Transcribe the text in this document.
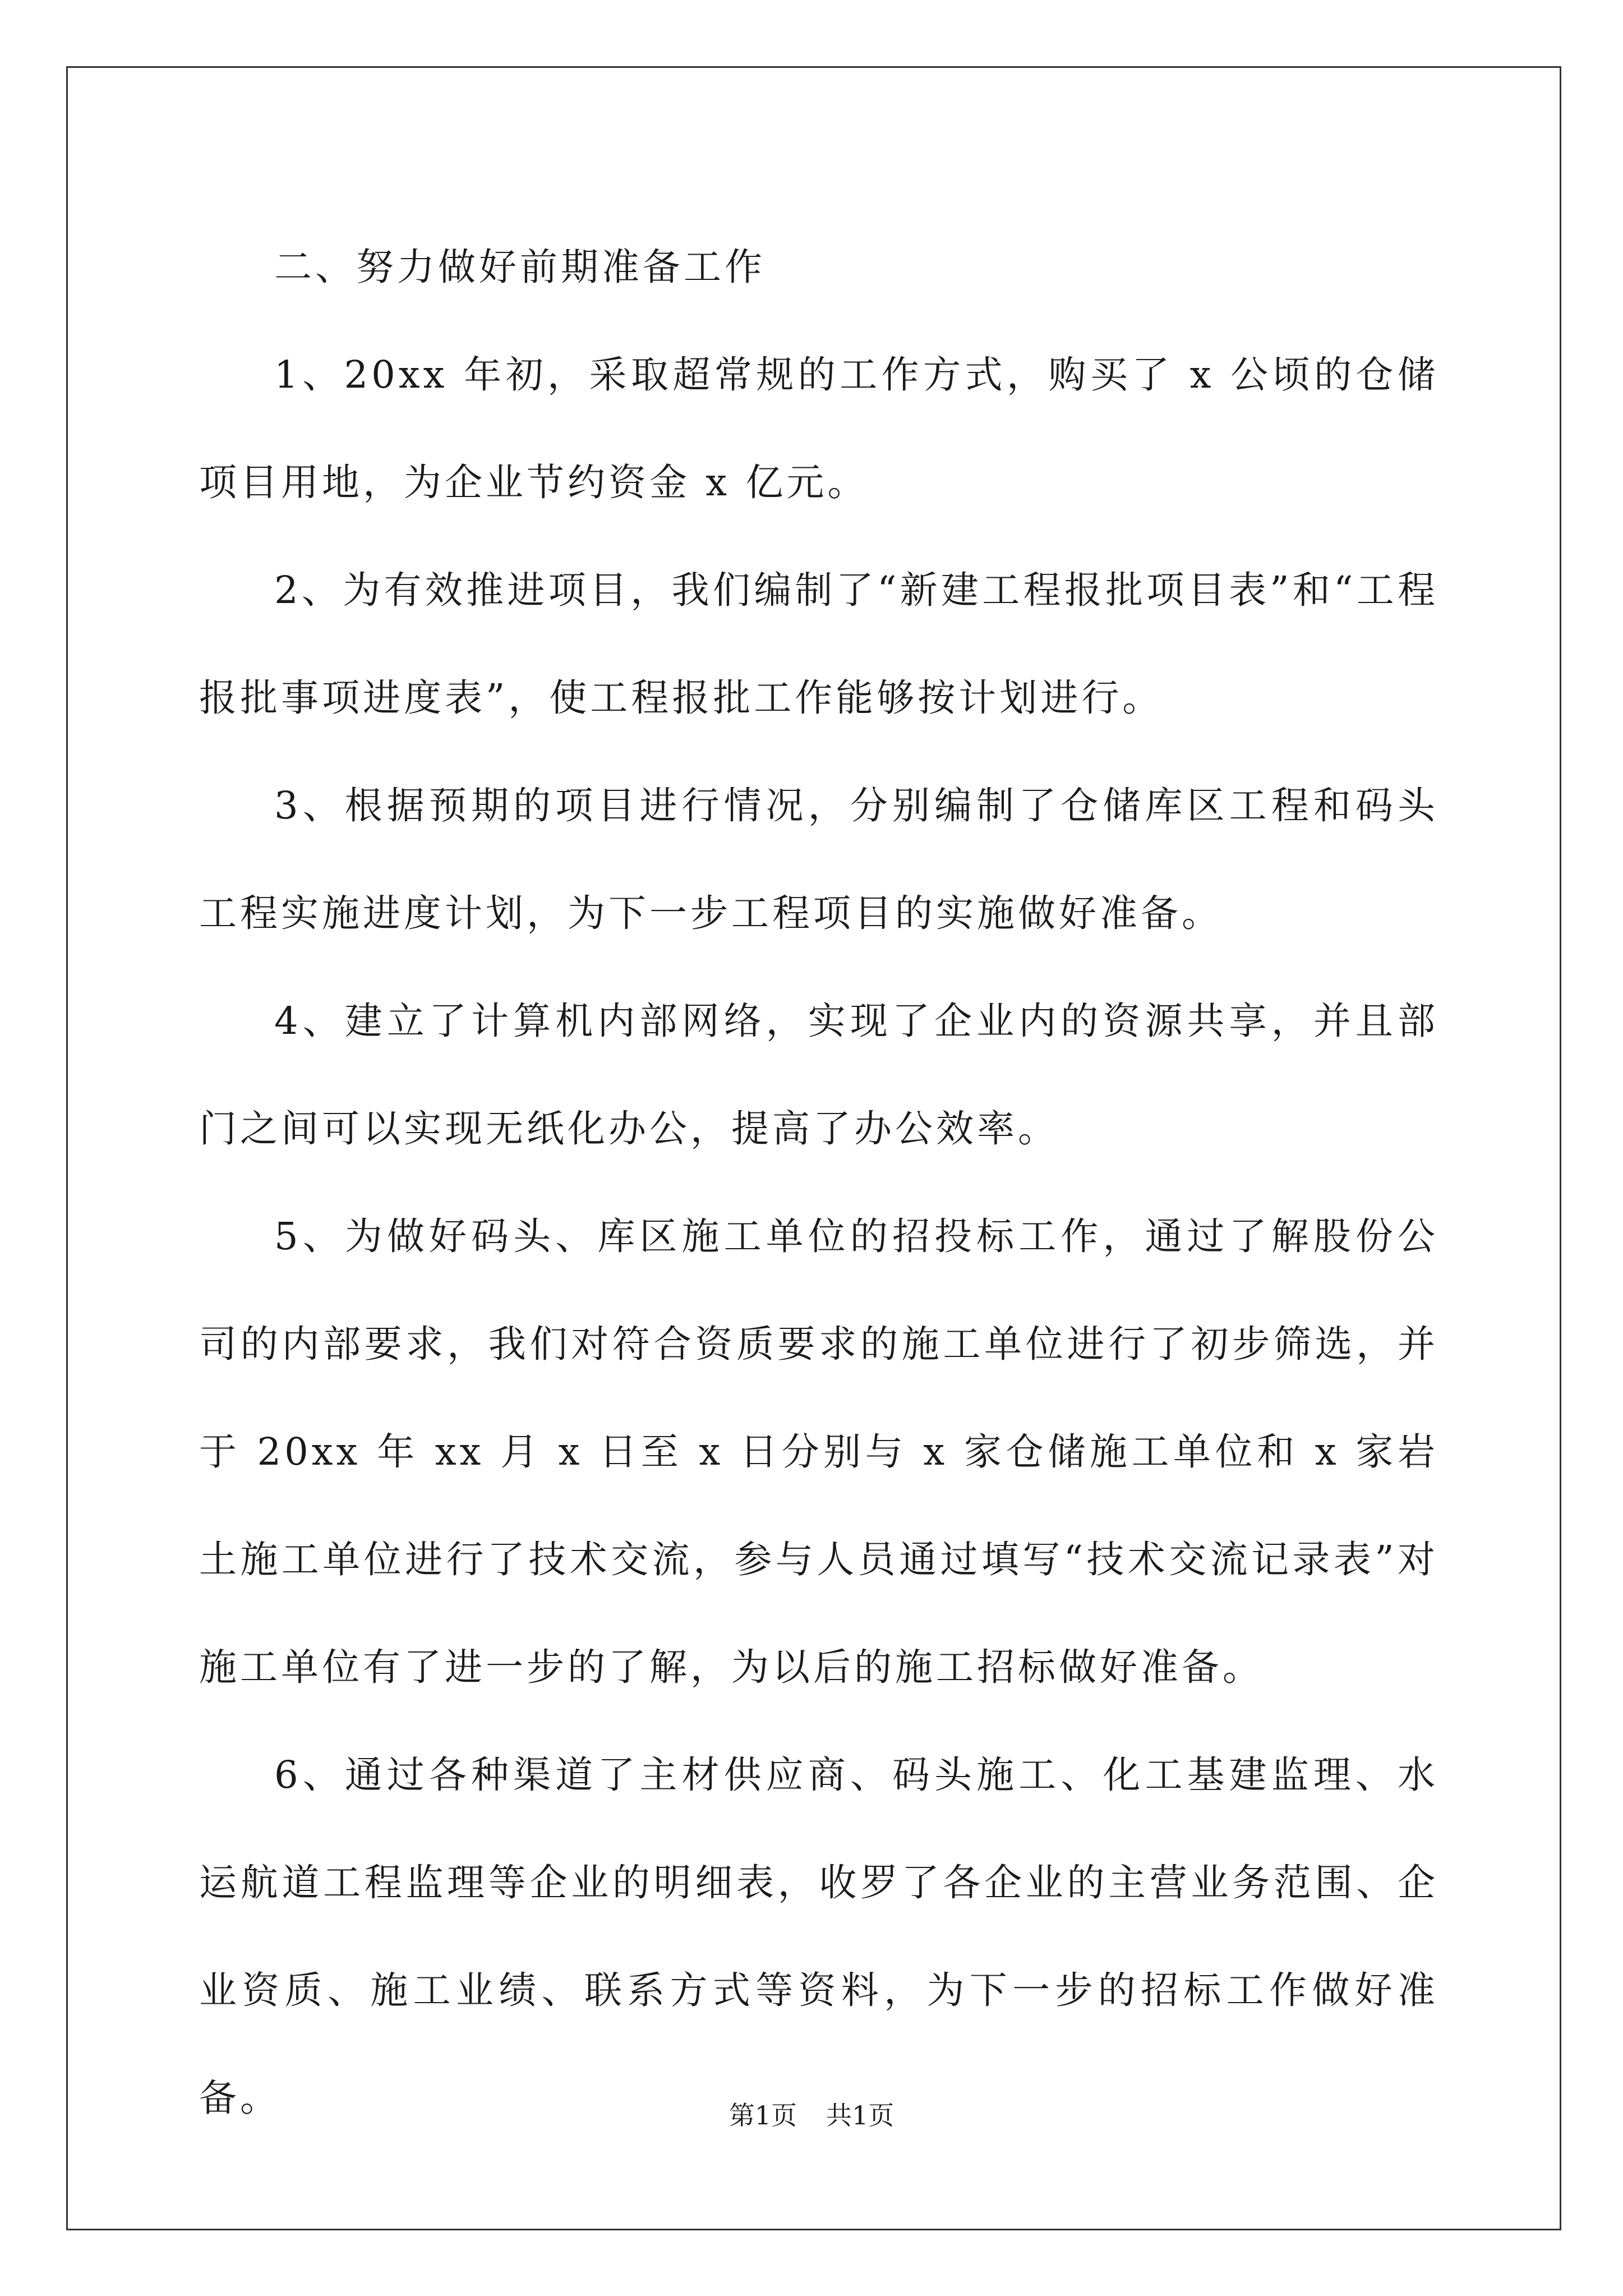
二、努力做好前期准备工作

1、20xx 年初，采取超常规的工作方式，购买了 x 公顷的仓储项目用地，为企业节约资金 x 亿元。

2、为有效推进项目，我们编制了“新建工程报批项目表”和“工程报批事项进度表”，使工程报批工作能够按计划进行。

3、根据预期的项目进行情况，分别编制了仓储库区工程和码头工程实施进度计划，为下一步工程项目的实施做好准备。

4、建立了计算机内部网络，实现了企业内的资源共享，并且部门之间可以实现无纸化办公，提高了办公效率。

5、为做好码头、库区施工单位的招投标工作，通过了解股份公司的内部要求，我们对符合资质要求的施工单位进行了初步筛选，并于 20xx 年 xx 月 x 日至 x 日分别与 x 家仓储施工单位和 x 家岩土施工单位进行了技术交流，参与人员通过填写“技术交流记录表”对施工单位有了进一步的了解，为以后的施工招标做好准备。

6、通过各种渠道了主材供应商、码头施工、化工基建监理、水运航道工程监理等企业的明细表，收罗了各企业的主营业务范围、企业资质、施工业绩、联系方式等资料，为下一步的招标工作做好准备。	第1页 共1页
